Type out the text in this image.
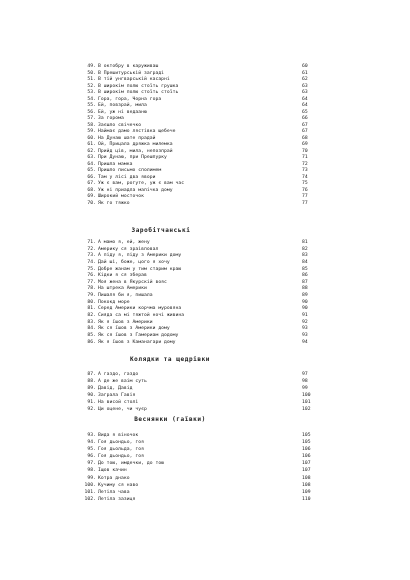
49. В октобру в каруживаш	60
50. В Прешитурській заграді	61
51. В тій унгварській касарні	62
52. В широкім полю стоїть грушка	63
53. В широкім полю стоїть стоїть	63
54. Гора, гора, Чорна гора	64
55. Ей, повзрай, мила	64
56. Ей, уж ні ведааню	65
57. За горома	66
58. Заєшло свічечко	67
59. Наймає дамо лястівка щебече	67
60. На Дунаю шате прадай	68
61. Ой, Прицала дряжка милемка	69
62. Прийд ців, мила, непозпрай	70
63. При Дунаю, при Прешпурку	71
64. Пришла мамка	72
65. Пришло письмо сполимем	73
66. Там у лісі два явори	74
67. Уж є вам, рогуте, уж є вам час	75
68. Уж ні приадла мапічка дому	76
69. Широкий мосточок	77
70. Як го тяжко	77
Заробітчанські
71. А мамо я, ей, жену	81
72. Америку ся зраівповал	82
73. А піду я, піду з Америки дому	83
74. Дай ші, боже, цого я хочу	84
75. Добре жанам у тим старим краю	85
76. Кідки я ся зберав	86
77. Моя жена в Якурскій вояс	87
78. На штрека Америки	88
79. Пишаля би я, пишала	89
80. Пококд море	90
81. Серед Америки корчма муровяна	90
82. Сияда са мі тяжтой ночі живина	91
83. Як я їшов з Америки	92
84. Як ся їшов з Америки дому	93
85. Як ся їшов з Гамериам додому	93
86. Як я їшов з Каманагари дому	94
Колядки та щедрівки
87. А газдо, газдо	97
88. А де же ваім суть	98
89. Давід, Давід	99
90. Заграла Гавія	100
91. На висой столі	101
92. Ци оцене, чи чуєр	102
Веснянки (гаївки)
93. Вида я віночок	105
94. Гоя дьондьо, гоя	105
95. Гоя дьольда, гоя	106
96. Гоя дьондьо, гоя	106
97. До тою, имдечки, до тою	107
98. Іщов качин	107
99. Котра днако	108
100. Кучиму ся наво	108
101. Летіла чава	109
102. Летіла зазиця	110
